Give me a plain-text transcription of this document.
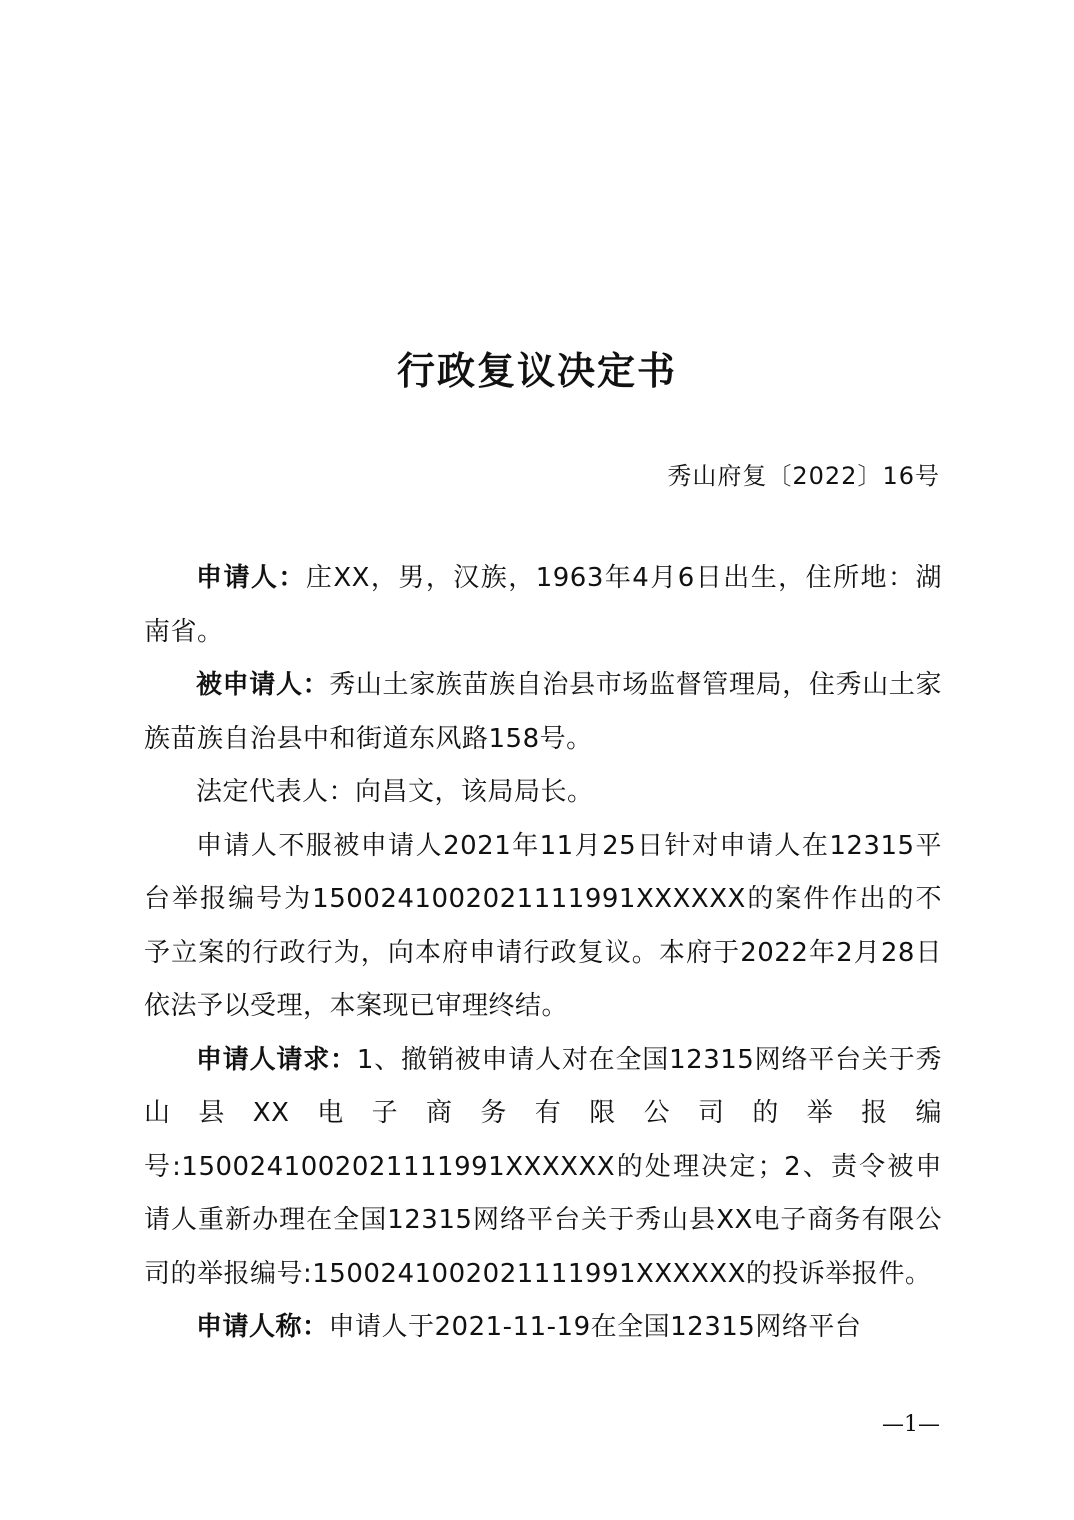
行政复议决定书
秀山府复〔2022〕16号

申请人：庄XX，男，汉族，1963年4月6日出生，住所地：湖南省。

被申请人：秀山土家族苗族自治县市场监督管理局，住秀山土家族苗族自治县中和街道东风路158号。

法定代表人：向昌文，该局局长。

申请人不服被申请人2021年11月25日针对申请人在12315平台举报编号为1500241002021111991XXXXXX的案件作出的不予立案的行政行为，向本府申请行政复议。本府于2022年2月28日依法予以受理，本案现已审理终结。

申请人请求：1、撤销被申请人对在全国12315网络平台关于秀山县XX电子商务有限公司的举报编号:1500241002021111991XXXXXX的处理决定；2、责令被申请人重新办理在全国12315网络平台关于秀山县XX电子商务有限公司的举报编号:1500241002021111991XXXXXX的投诉举报件。

申请人称：申请人于2021-11-19在全国12315网络平台

—1—
